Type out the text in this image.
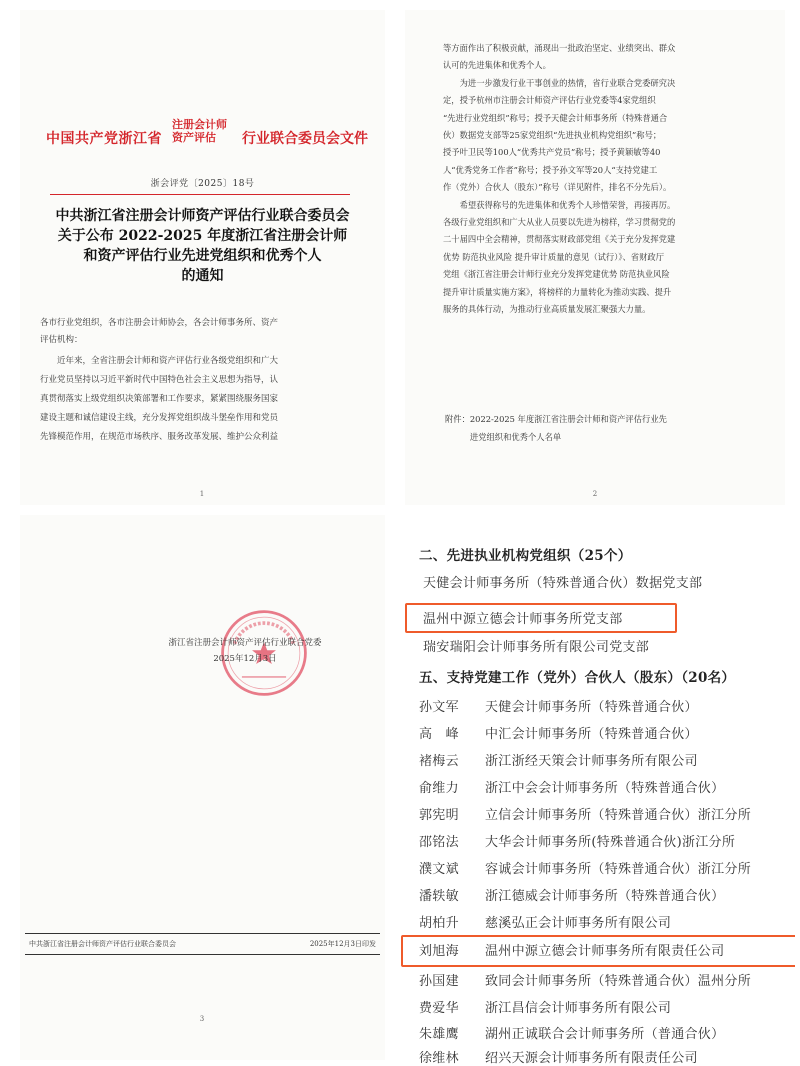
中国共产党浙江省
注册会计师
资产评估	行业联合委员会文件
浙会评党〔2025〕18号
中共浙江省注册会计师资产评估行业联合委员会
关于公布 2022-2025 年度浙江省注册会计师
和资产评估行业先进党组织和优秀个人
的通知
各市行业党组织，各市注册会计师协会，各会计师事务所、资产
评估机构：
　　近年来，全省注册会计师和资产评估行业各级党组织和广大
行业党员坚持以习近平新时代中国特色社会主义思想为指导，认
真贯彻落实上级党组织决策部署和工作要求，紧紧围绕服务国家
建设主题和诚信建设主线，充分发挥党组织战斗堡垒作用和党员
先锋模范作用，在规范市场秩序、服务改革发展、维护公众利益
1
等方面作出了积极贡献，涌现出一批政治坚定、业绩突出、群众
认可的先进集体和优秀个人。
　　为进一步激发行业干事创业的热情，省行业联合党委研究决
定，授予杭州市注册会计师资产评估行业党委等4家党组织
“先进行业党组织”称号；授予天健会计师事务所（特殊普通合
伙）数据党支部等25家党组织“先进执业机构党组织”称号；
授予叶卫民等100人“优秀共产党员”称号；授予黄颖敏等40
人“优秀党务工作者”称号；授予孙文军等20人“支持党建工
作（党外）合伙人（股东）”称号（详见附件，排名不分先后）。
　　希望获得称号的先进集体和优秀个人珍惜荣誉，再接再厉。
各级行业党组织和广大从业人员要以先进为榜样，学习贯彻党的
二十届四中全会精神，贯彻落实财政部党组《关于充分发挥党建
优势 防范执业风险 提升审计质量的意见（试行）》、省财政厅
党组《浙江省注册会计师行业充分发挥党建优势 防范执业风险
提升审计质量实施方案》，将榜样的力量转化为推动实践、提升
服务的具体行动，为推动行业高质量发展汇聚强大力量。
附件：2022-2025 年度浙江省注册会计师和资产评估行业先
　　　进党组织和优秀个人名单
2
浙江省注册会计师资产评估行业联合党委
2025年12月3日
中共浙江省注册会计师资产评估行业联合委员会	2025年12月3日印发
3
二、先进执业机构党组织（25个）
天健会计师事务所（特殊普通合伙）数据党支部
温州中源立德会计师事务所党支部
瑞安瑞阳会计师事务所有限公司党支部
五、支持党建工作（党外）合伙人（股东）（20名）
孙文军	天健会计师事务所（特殊普通合伙）
高　峰	中汇会计师事务所（特殊普通合伙）
褚梅云	浙江浙经天策会计师事务所有限公司
俞维力	浙江中会会计师事务所（特殊普通合伙）
郭宪明	立信会计师事务所（特殊普通合伙）浙江分所
邵铭法	大华会计师事务所(特殊普通合伙)浙江分所
濮文斌	容诚会计师事务所（特殊普通合伙）浙江分所
潘轶敏	浙江德威会计师事务所（特殊普通合伙）
胡柏升	慈溪弘正会计师事务所有限公司
刘旭海	温州中源立德会计师事务所有限责任公司
孙国建	致同会计师事务所（特殊普通合伙）温州分所
费爱华	浙江昌信会计师事务所有限公司
朱雄鹰	湖州正诚联合会计师事务所（普通合伙）
徐维林	绍兴天源会计师事务所有限责任公司
